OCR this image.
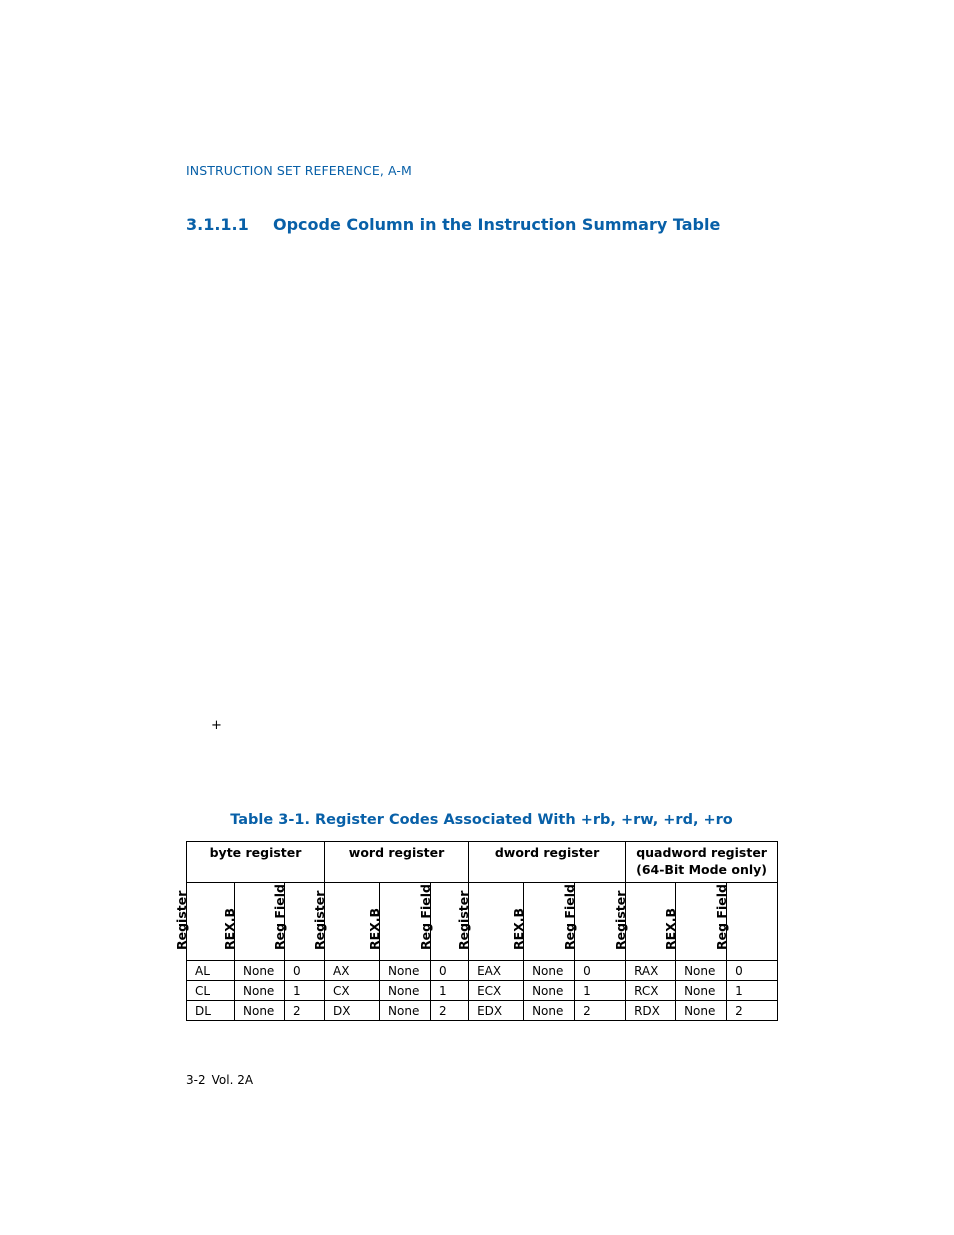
INSTRUCTION SET REFERENCE, A-M
3.1.1.1 Opcode Column in the Instruction Summary Table
+
Table 3-1. Register Codes Associated With +rb, +rw, +rd, +ro
byte register			word register			dword register			quadword register
(64-Bit Mode only)		

Register	REX.B	Reg Field	Register	REX.B	Reg Field	Register	REX.B	Reg Field	Register	REX.B	Reg Field

AL	None	0	AX	None	0	EAX	None	0	RAX	None	0
CL	None	1	CX	None	1	ECX	None	1	RCX	None	1
DL	None	2	DX	None	2	EDX	None	2	RDX	None	2
3-2 Vol. 2A
